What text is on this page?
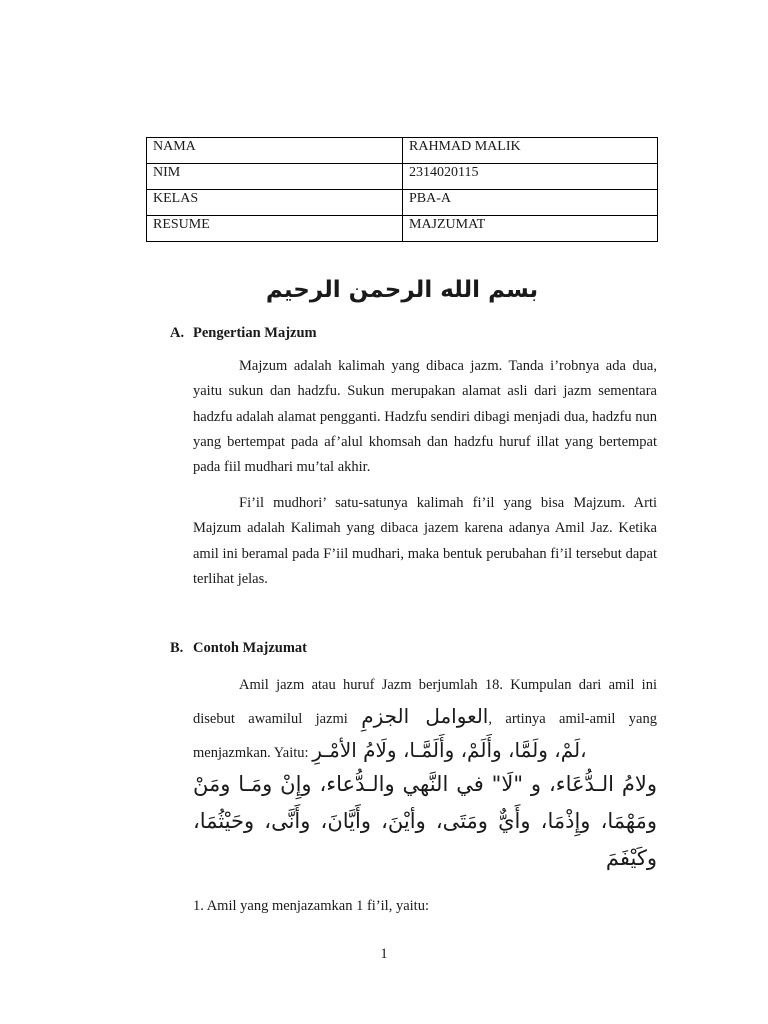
NAMA	RAHMAD MALIK
NIM	2314020115
KELAS	PBA-A
RESUME	MAJZUMAT
بسم الله الرحمن الرحيم
A. Pengertian Majzum

Majzum adalah kalimah yang dibaca jazm. Tanda i’robnya ada dua, yaitu sukun dan hadzfu. Sukun merupakan alamat asli dari jazm sementara hadzfu adalah alamat pengganti. Hadzfu sendiri dibagi menjadi dua, hadzfu nun yang bertempat pada af’alul khomsah dan hadzfu huruf illat yang bertempat pada fiil mudhari mu’tal akhir.

Fi’il mudhori’ satu-satunya kalimah fi’il yang bisa Majzum. Arti Majzum adalah Kalimah yang dibaca jazem karena adanya Amil Jaz. Ketika amil ini beramal pada F’iil mudhari, maka bentuk perubahan fi’il tersebut dapat terlihat jelas.

B. Contoh Majzumat

Amil jazm atau huruf Jazm berjumlah 18. Kumpulan dari amil ini disebut awamilul jazmi العوامل الجزمِ, artinya amil-amil yang menjazmkan. Yaitu: لَمْ، ولَمَّا، وأَلَمْ، وأَلَمَّـا، ولَامُ الأمْـرِ،

ولامُ الـدُّعَاء، و "لَا" في النَّهي والـدُّعاء، وإِنْ ومَـا ومَنْ ومَهْمَا، وإِذْمَا، وأَيٌّ ومَتَى، وأيْنَ، وأَيَّانَ، وأَنَّى، وحَيْثُمَا، وكَيْفَمَ

1. Amil yang menjazamkan 1 fi’il, yaitu:
1
